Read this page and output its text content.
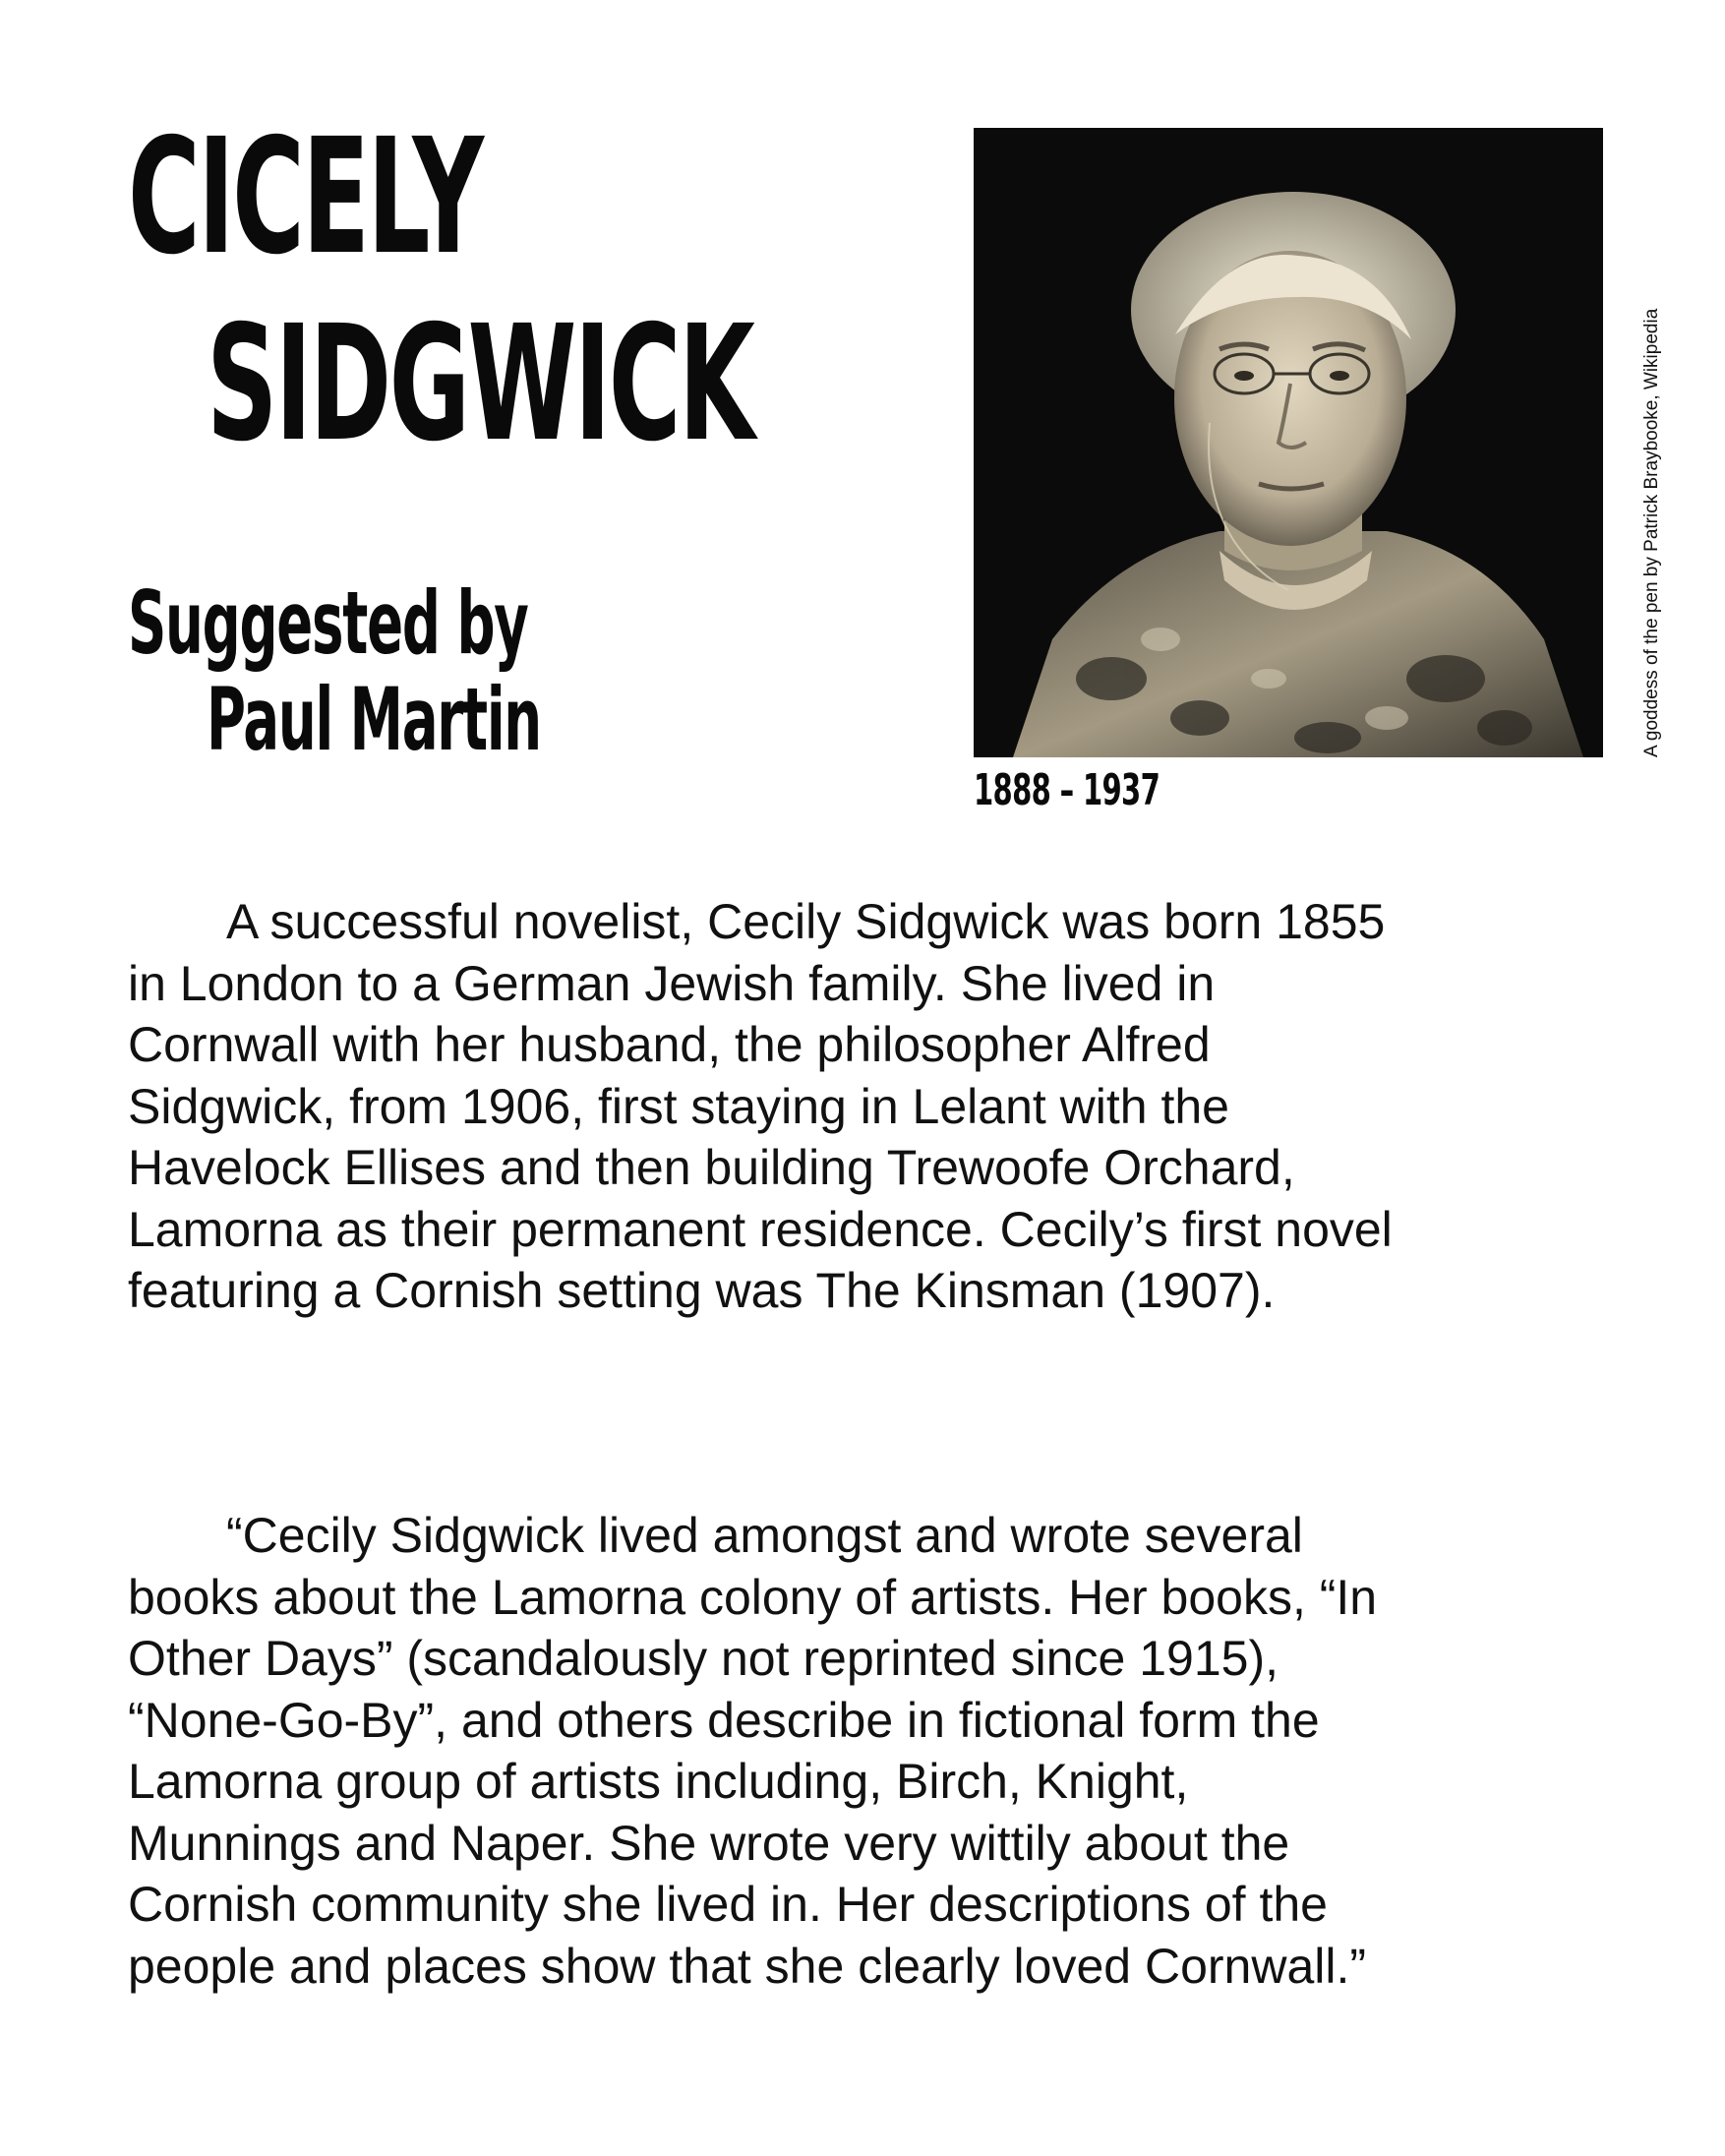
CICELY
SIDGWICK
Suggested by
Paul Martin	A goddess of the pen by Patrick Braybooke, Wikipedia

1888 – 1937

A successful novelist, Cecily Sidgwick was born 1855 in London to a German Jewish family. She lived in Cornwall with her husband, the philosopher Alfred Sidgwick, from 1906, first staying in Lelant with the Havelock Ellises and then building Trewoofe Orchard, Lamorna as their permanent residence. Cecily’s first novel featuring a Cornish setting was The Kinsman (1907).

“Cecily Sidgwick lived amongst and wrote several books about the Lamorna colony of artists. Her books, “In Other Days” (scandalously not reprinted since 1915), “None-Go-By”, and others describe in fictional form the Lamorna group of artists including, Birch, Knight, Munnings and Naper. She wrote very wittily about the Cornish community she lived in. Her descriptions of the people and places show that she clearly loved Cornwall.”
